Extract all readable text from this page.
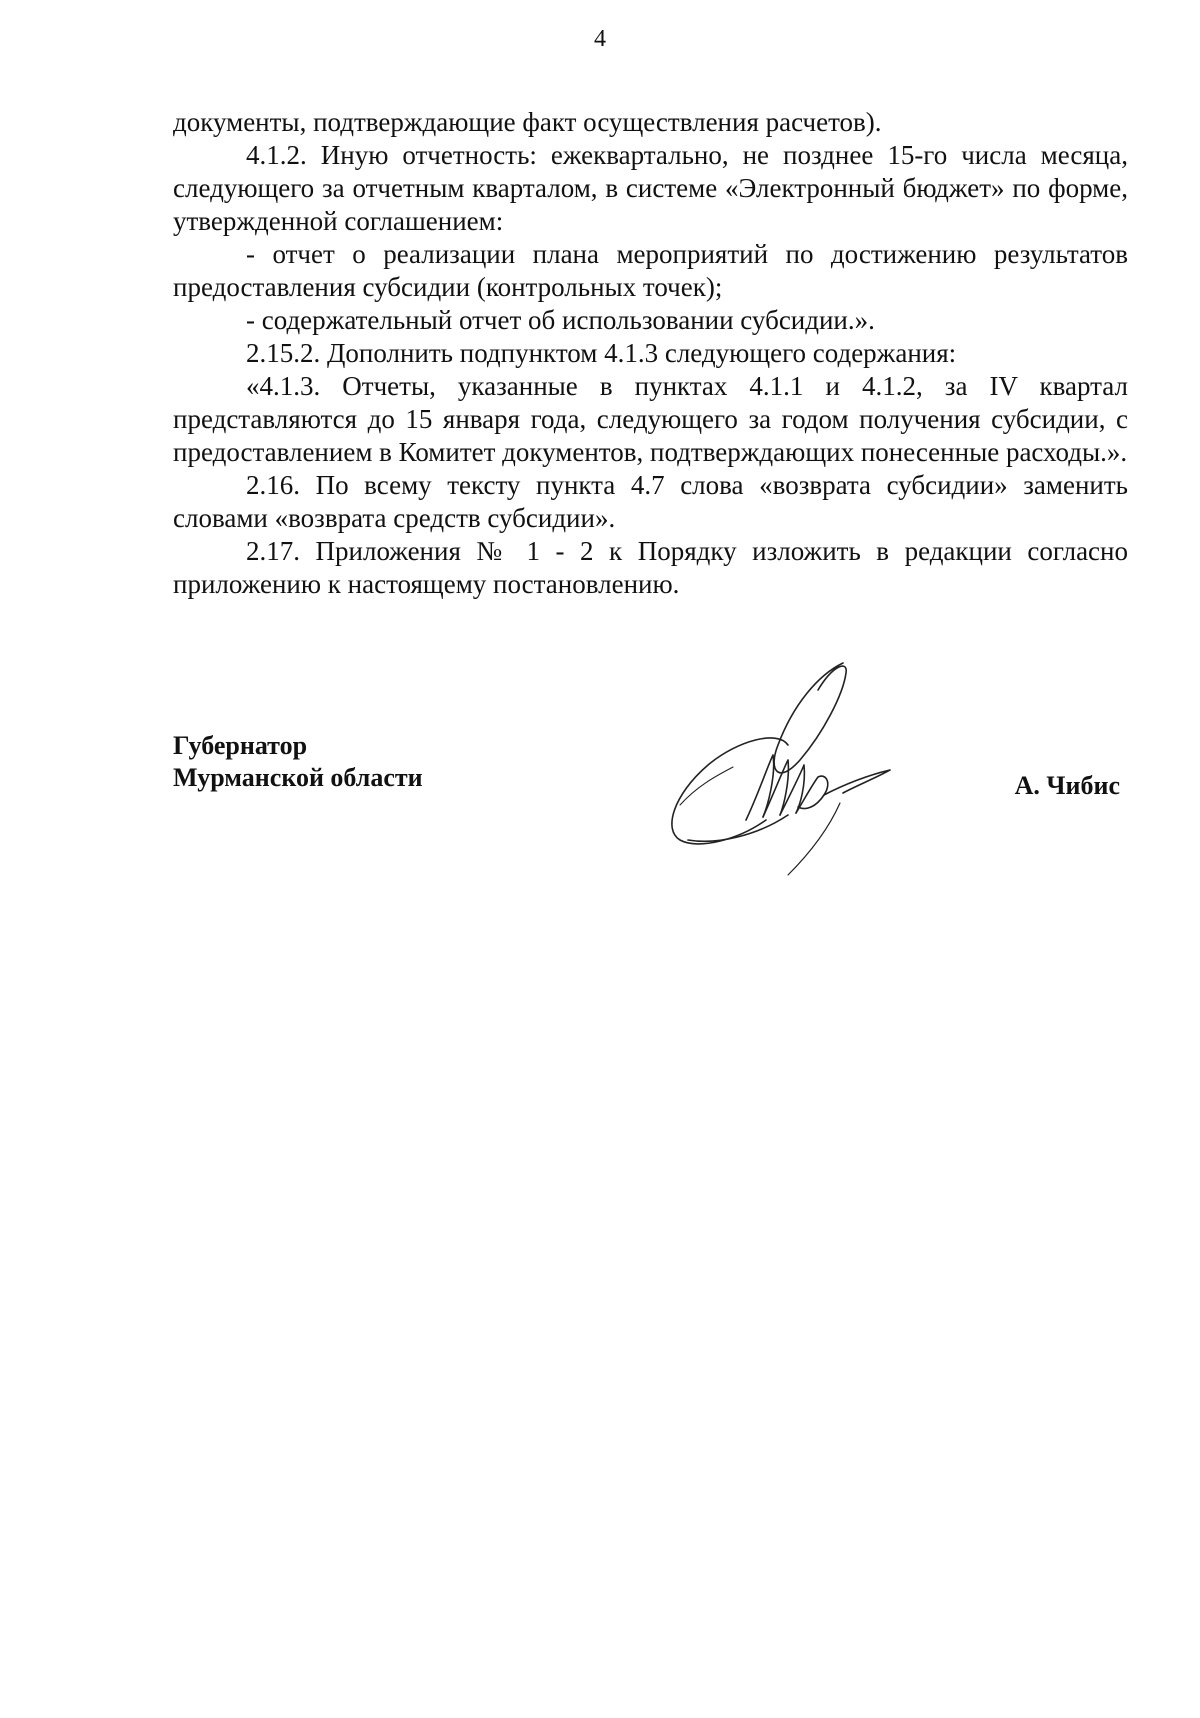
4

документы, подтверждающие факт осуществления расчетов).

4.1.2. Иную отчетность: ежеквартально, не позднее 15-го числа месяца, следующего за отчетным кварталом, в системе «Электронный бюджет» по форме, утвержденной соглашением:

- отчет о реализации плана мероприятий по достижению результатов предоставления субсидии (контрольных точек);

- содержательный отчет об использовании субсидии.».

2.15.2. Дополнить подпунктом 4.1.3 следующего содержания:

«4.1.3. Отчеты, указанные в пунктах 4.1.1 и 4.1.2, за IV квартал представляются до 15 января года, следующего за годом получения субсидии, с предоставлением в Комитет документов, подтверждающих понесенные расходы.».

2.16. По всему тексту пункта 4.7 слова «возврата субсидии» заменить словами «возврата средств субсидии».

2.17. Приложения № 1 - 2 к Порядку изложить в редакции согласно приложению к настоящему постановлению.

Губернатор
Мурманской области	А. Чибис
